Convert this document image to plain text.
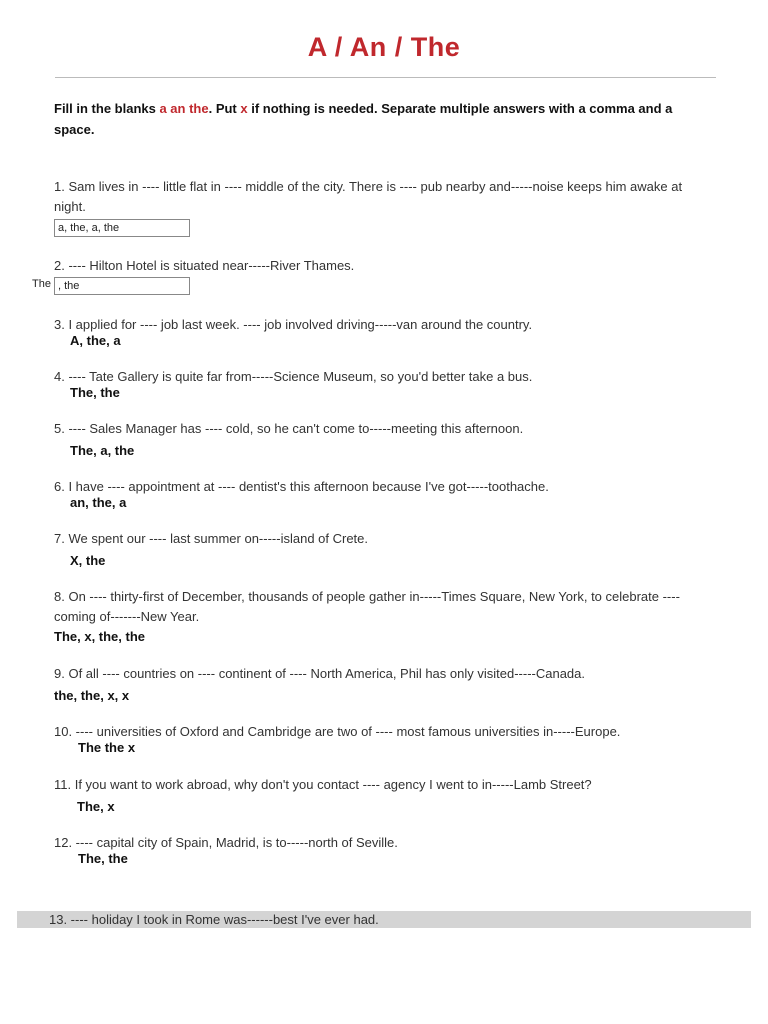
A / An / The
Fill in the blanks a an the. Put x if nothing is needed. Separate multiple answers with a comma and a space.
1. Sam lives in ---- little flat in ---- middle of the city. There is ---- pub nearby and-----noise keeps him awake at night.
a, the, a, the
2. ---- Hilton Hotel is situated near-----River Thames.
The
, the
3. I applied for ---- job last week. ---- job involved driving-----van around the country.
A, the, a
4. ---- Tate Gallery is quite far from-----Science Museum, so you'd better take a bus.
The, the
5. ---- Sales Manager has ---- cold, so he can't come to-----meeting this afternoon.
The, a, the
6. I have ---- appointment at ---- dentist's this afternoon because I've got-----toothache.
an, the, a
7. We spent our ---- last summer on-----island of Crete.
X, the
8. On ---- thirty-first of December, thousands of people gather in-----Times Square, New York, to celebrate ---- coming of-------New Year.
The, x, the, the
9. Of all ---- countries on ---- continent of ---- North America, Phil has only visited-----Canada.
the, the, x, x
10. ---- universities of Oxford and Cambridge are two of ---- most famous universities in-----Europe.
The the x
11. If you want to work abroad, why don't you contact ---- agency I went to in-----Lamb Street?
The, x
12. ---- capital city of Spain, Madrid, is to-----north of Seville.
The, the
13. ---- holiday I took in Rome was------best I've ever had.
